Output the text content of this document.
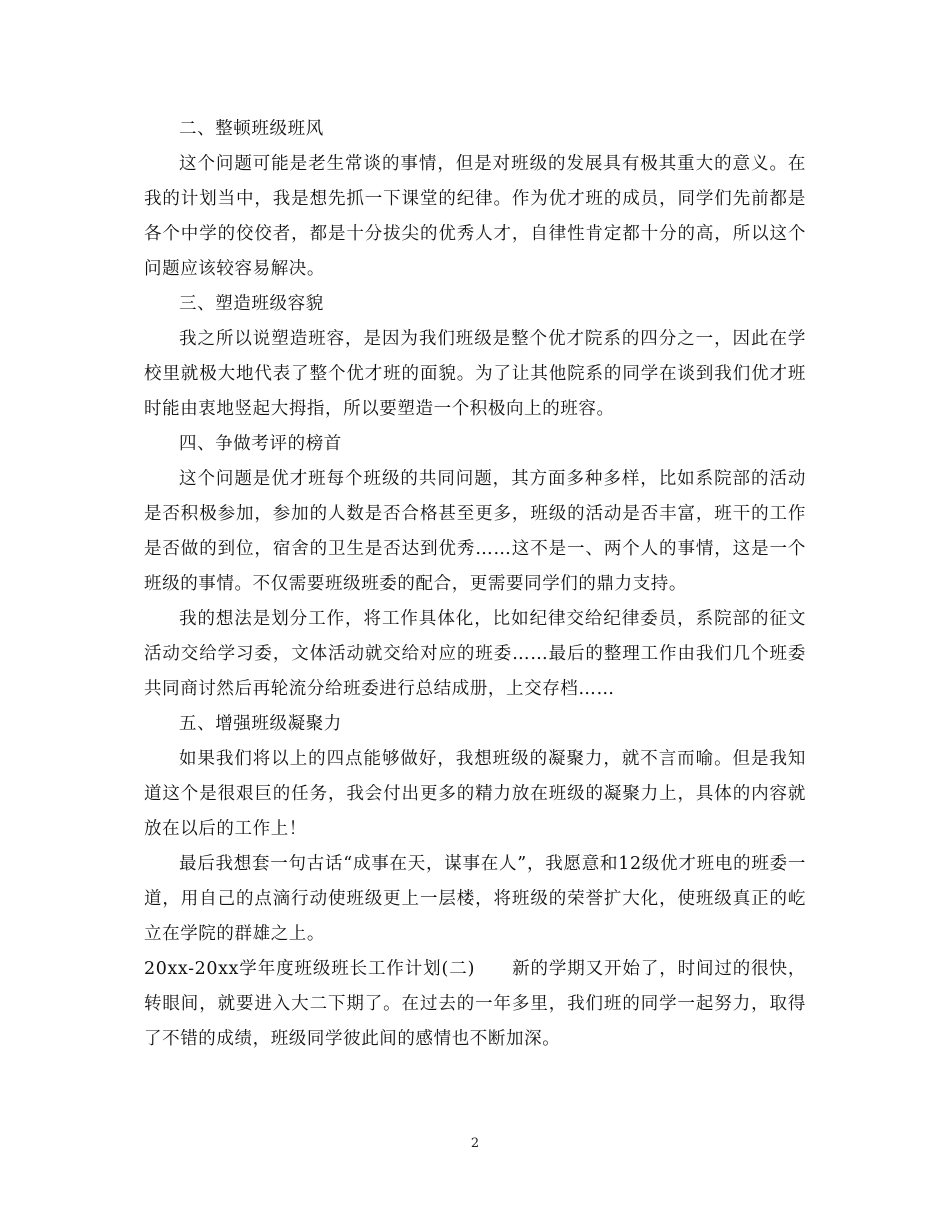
二、整顿班级班风

这个问题可能是老生常谈的事情，但是对班级的发展具有极其重大的意义。在我的计划当中，我是想先抓一下课堂的纪律。作为优才班的成员，同学们先前都是各个中学的佼佼者，都是十分拔尖的优秀人才，自律性肯定都十分的高，所以这个问题应该较容易解决。

三、塑造班级容貌

我之所以说塑造班容，是因为我们班级是整个优才院系的四分之一，因此在学校里就极大地代表了整个优才班的面貌。为了让其他院系的同学在谈到我们优才班时能由衷地竖起大拇指，所以要塑造一个积极向上的班容。

四、争做考评的榜首

这个问题是优才班每个班级的共同问题，其方面多种多样，比如系院部的活动是否积极参加，参加的人数是否合格甚至更多，班级的活动是否丰富，班干的工作是否做的到位，宿舍的卫生是否达到优秀……这不是一、两个人的事情，这是一个班级的事情。不仅需要班级班委的配合，更需要同学们的鼎力支持。

我的想法是划分工作，将工作具体化，比如纪律交给纪律委员，系院部的征文活动交给学习委，文体活动就交给对应的班委……最后的整理工作由我们几个班委共同商讨然后再轮流分给班委进行总结成册，上交存档……

五、增强班级凝聚力

如果我们将以上的四点能够做好，我想班级的凝聚力，就不言而喻。但是我知道这个是很艰巨的任务，我会付出更多的精力放在班级的凝聚力上，具体的内容就放在以后的工作上！

最后我想套一句古话“成事在天，谋事在人”，我愿意和12级优才班电的班委一道，用自己的点滴行动使班级更上一层楼，将班级的荣誉扩大化，使班级真正的屹立在学院的群雄之上。

20xx-20xx学年度班级班长工作计划(二)　　新的学期又开始了，时间过的很快，转眼间，就要进入大二下期了。在过去的一年多里，我们班的同学一起努力，取得了不错的成绩，班级同学彼此间的感情也不断加深。

2
